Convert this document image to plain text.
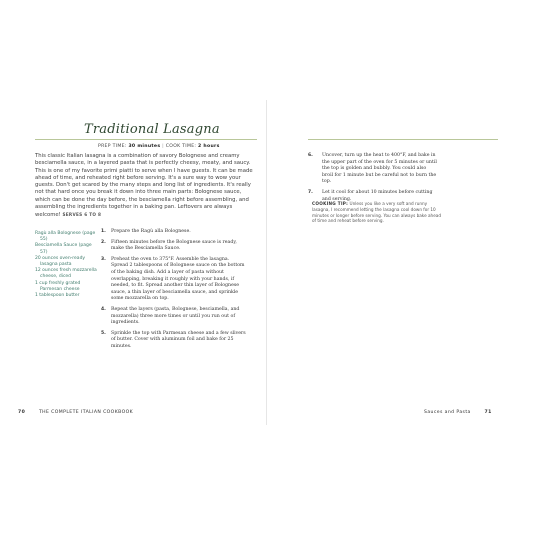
Traditional Lasagna
PREP TIME: 30 minutes | COOK TIME: 2 hours

This classic Italian lasagna is a combination of savory Bolognese and creamy besciamella sauce, in a layered pasta that is perfectly cheesy, meaty, and saucy. This is one of my favorite primi piatti to serve when I have guests. It can be made ahead of time, and reheated right before serving. It's a sure way to wow your guests. Don't get scared by the many steps and long list of ingredients. It's really not that hard once you break it down into three main parts: Bolognese sauce, which can be done the day before, the besciamella right before assembling, and assembling the ingredients together in a baking pan. Leftovers are always welcome! SERVES 6 TO 8

Ragù alla Bolognese (page 55)
Besciamella Sauce (page 57)
20 ounces oven-ready lasagna pasta
12 ounces fresh mozzarella cheese, diced
1 cup freshly grated Parmesan cheese
1 tablespoon butter
1. Prepare the Ragù alla Bolognese.
2. Fifteen minutes before the Bolognese sauce is ready, make the Besciamella Sauce.
3. Preheat the oven to 375°F. Assemble the lasagna. Spread 2 tablespoons of Bolognese sauce on the bottom of the baking dish. Add a layer of pasta without overlapping, breaking it roughly with your hands, if needed, to fit. Spread another thin layer of Bolognese sauce, a thin layer of besciamella sauce, and sprinkle some mozzarella on top.
4. Repeat the layers (pasta, Bolognese, besciamella, and mozzarella) three more times or until you run out of ingredients.
5. Sprinkle the top with Parmesan cheese and a few slivers of butter. Cover with aluminum foil and bake for 25 minutes.
6. Uncover, turn up the heat to 400°F, and bake in the upper part of the oven for 5 minutes or until the top is golden and bubbly. You could also broil for 1 minute but be careful not to burn the top.
7. Let it cool for about 10 minutes before cutting and serving.

COOKING TIP: Unless you like a very soft and runny lasagna, I recommend letting the lasagna cool down for 10 minutes or longer before serving. You can always bake ahead of time and reheat before serving.

70	THE COMPLETE ITALIAN COOKBOOK	Sauces and Pasta	71
